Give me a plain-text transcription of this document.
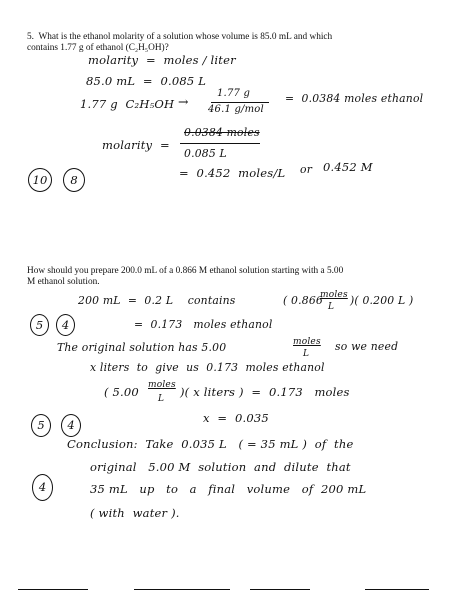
5.  What is the ethanol molarity of a solution whose volume is 85.0 mL and which
contains 1.77 g of ethanol (C₂H₅OH)?
molarity  =  moles / liter
85.0 mL  =  0.085 L
1.77 g  C₂H₅OH →
1.77 g
46.1 g/mol
=  0.0384 moles ethanol
molarity  =
0.0384 moles
0.085 L
10	8	=  0.452  moles/L or 0.452 M
How should you prepare 200.0 mL of a 0.866 M ethanol solution starting with a 5.00
M ethanol solution.
200 mL  =  0.2 L    contains	( 0.866
moles
L )( 0.200 L )
5	4	=  0.173   moles ethanol
The original solution has 5.00	moles
L
so we need
x liters  to  give  us  0.173  moles ethanol
( 5.00 moles
L )( x liters )  =  0.173   moles
5	4	x  =  0.035
Conclusion:  Take  0.035 L   ( = 35 mL )  of  the
original   5.00 M  solution  and  dilute  that
4	35 mL   up   to   a   final   volume   of  200 mL
( with  water ).
